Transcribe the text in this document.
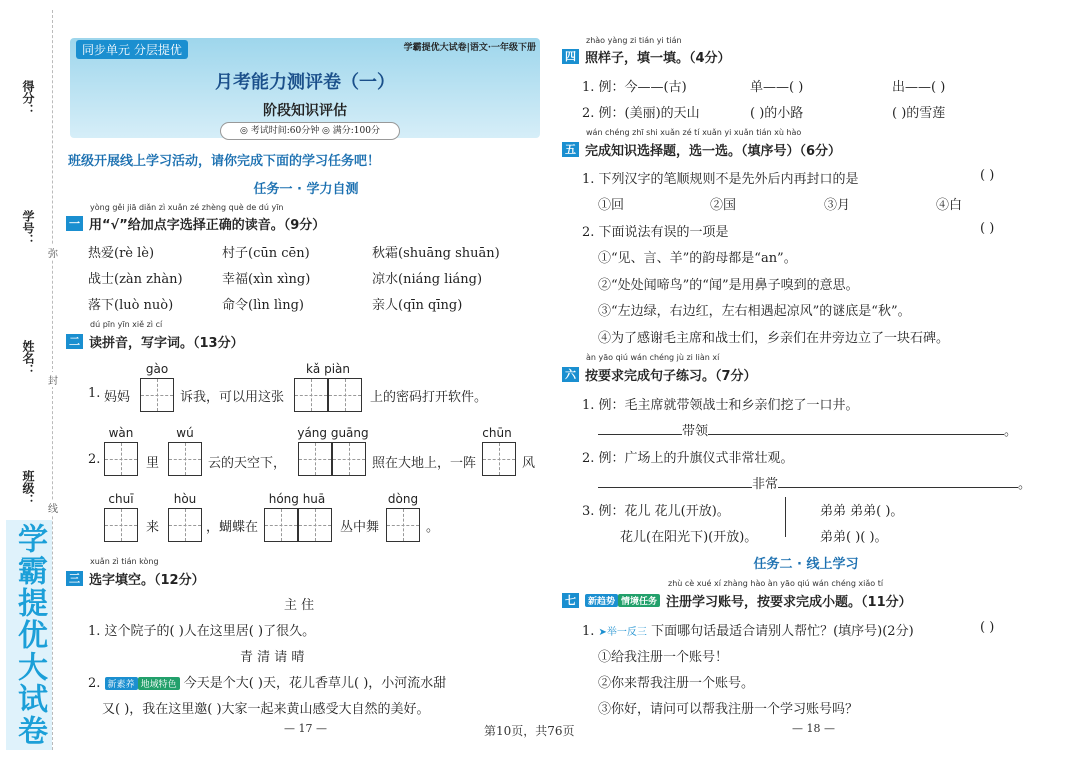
得分：
学号：
姓名：
班级：
弥
封
线
学霸提优大试卷
同步单元 分层提优	学霸提优大试卷|语文·一年级下册
月考能力测评卷（一）
阶段知识评估
◎ 考试时间:60分钟 ◎ 满分:100分
班级开展线上学习活动，请你完成下面的学习任务吧！
任务一 · 学力自测
yòng gěi jiā diǎn zì xuǎn zé zhèng què de dú yīn
一 用“√”给加点字选择正确的读音。（9分）
热爱(rè lè)	村子(cūn cēn)	秋霜(shuāng shuān)
战士(zàn zhàn)	幸福(xìn xìng)	凉水(niáng liáng)
落下(luò nuò)	命令(lìn lìng)	亲人(qīn qīng)
dú pīn yīn xiě zì cí
二 读拼音，写字词。（13分）
gào	kǎ piàn
1. 妈妈	诉我，可以用这张	上的密码打开软件。
wàn	wú	yáng guāng	chūn
2.	里	云的天空下，	照在大地上，一阵	风
chuī	hòu	hóng huā	dòng
来	，蝴蝶在	丛中舞	。
xuǎn zì tián kòng
三 选字填空。（12分）
主 住
1. 这个院子的( )人在这里居( )了很久。
青 清 请 晴
2. 新素养 地域特色 今天是个大( )天，花儿香草儿( )，小河流水甜
又( )，我在这里邀( )大家一起来黄山感受大自然的美好。
— 17 —	第10页，共76页
zhào yàng zi tián yi tián
四 照样子，填一填。（4分）
1. 例：今——(古)	单——( )	出——( )
2. 例：(美丽)的天山	( )的小路	( )的雪莲
wán chéng zhī shi xuǎn zé tí xuǎn yi xuǎn tián xù hào
五 完成知识选择题，选一选。（填序号）（6分）
1. 下列汉字的笔顺规则不是先外后内再封口的是	( )
①回	②国	③月	④白
2. 下面说法有误的一项是	( )
①“见、言、羊”的韵母都是“an”。
②“处处闻啼鸟”的“闻”是用鼻子嗅到的意思。
③“左边绿，右边红，左右相遇起凉风”的谜底是“秋”。
④为了感谢毛主席和战士们，乡亲们在井旁边立了一块石碑。
àn yāo qiú wán chéng jù zi liàn xí
六 按要求完成句子练习。（7分）
1. 例：毛主席就带领战士和乡亲们挖了一口井。
带领	。
2. 例：广场上的升旗仪式非常壮观。
非常	。
3. 例：花儿 花儿(开放)。
花儿(在阳光下)(开放)。
弟弟 弟弟( )。
弟弟( )( )。
任务二 · 线上学习
zhù cè xué xí zhàng hào àn yāo qiú wán chéng xiǎo tí
七	新趋势 情境任务 注册学习账号，按要求完成小题。（11分）
1. ➤举一反三 下面哪句话最适合请别人帮忙？(填序号)(2分)	( )
①给我注册一个账号！
②你来帮我注册一个账号。
③你好，请问可以帮我注册一个学习账号吗？
— 18 —
